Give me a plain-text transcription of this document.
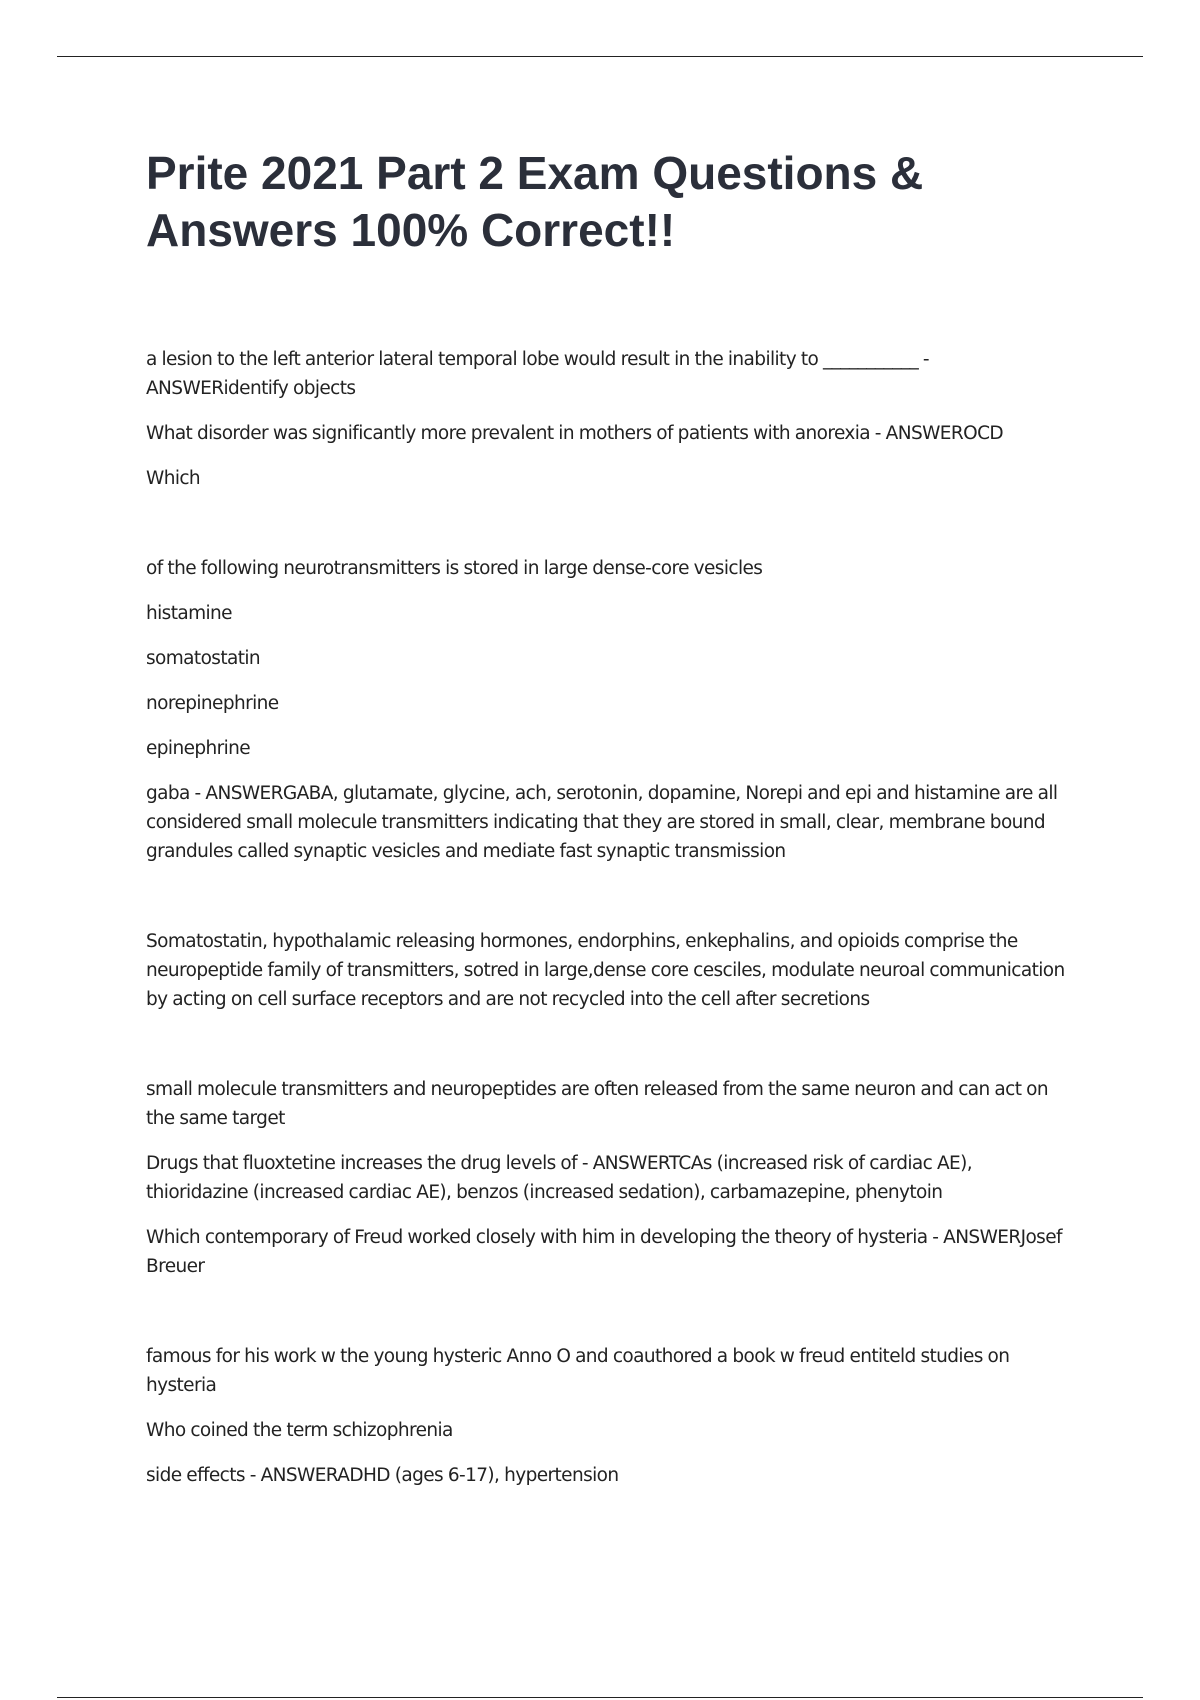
Prite 2021 Part 2 Exam Questions & Answers 100% Correct!!

a lesion to the left anterior lateral temporal lobe would result in the inability to ___________ - ANSWERidentify objects

What disorder was significantly more prevalent in mothers of patients with anorexia - ANSWEROCD

Which

of the following neurotransmitters is stored in large dense-core vesicles

histamine

somatostatin

norepinephrine

epinephrine

gaba - ANSWERGABA, glutamate, glycine, ach, serotonin, dopamine, Norepi and epi and histamine are all considered small molecule transmitters indicating that they are stored in small, clear, membrane bound grandules called synaptic vesicles and mediate fast synaptic transmission

Somatostatin, hypothalamic releasing hormones, endorphins, enkephalins, and opioids comprise the neuropeptide family of transmitters, sotred in large,dense core cesciles, modulate neuroal communication by acting on cell surface receptors and are not recycled into the cell after secretions

small molecule transmitters and neuropeptides are often released from the same neuron and can act on the same target

Drugs that fluoxtetine increases the drug levels of - ANSWERTCAs (increased risk of cardiac AE), thioridazine (increased cardiac AE), benzos (increased sedation), carbamazepine, phenytoin

Which contemporary of Freud worked closely with him in developing the theory of hysteria - ANSWERJosef Breuer

famous for his work w the young hysteric Anno O and coauthored a book w freud entiteld studies on hysteria

Who coined the term schizophrenia

side effects - ANSWERADHD (ages 6-17), hypertension
